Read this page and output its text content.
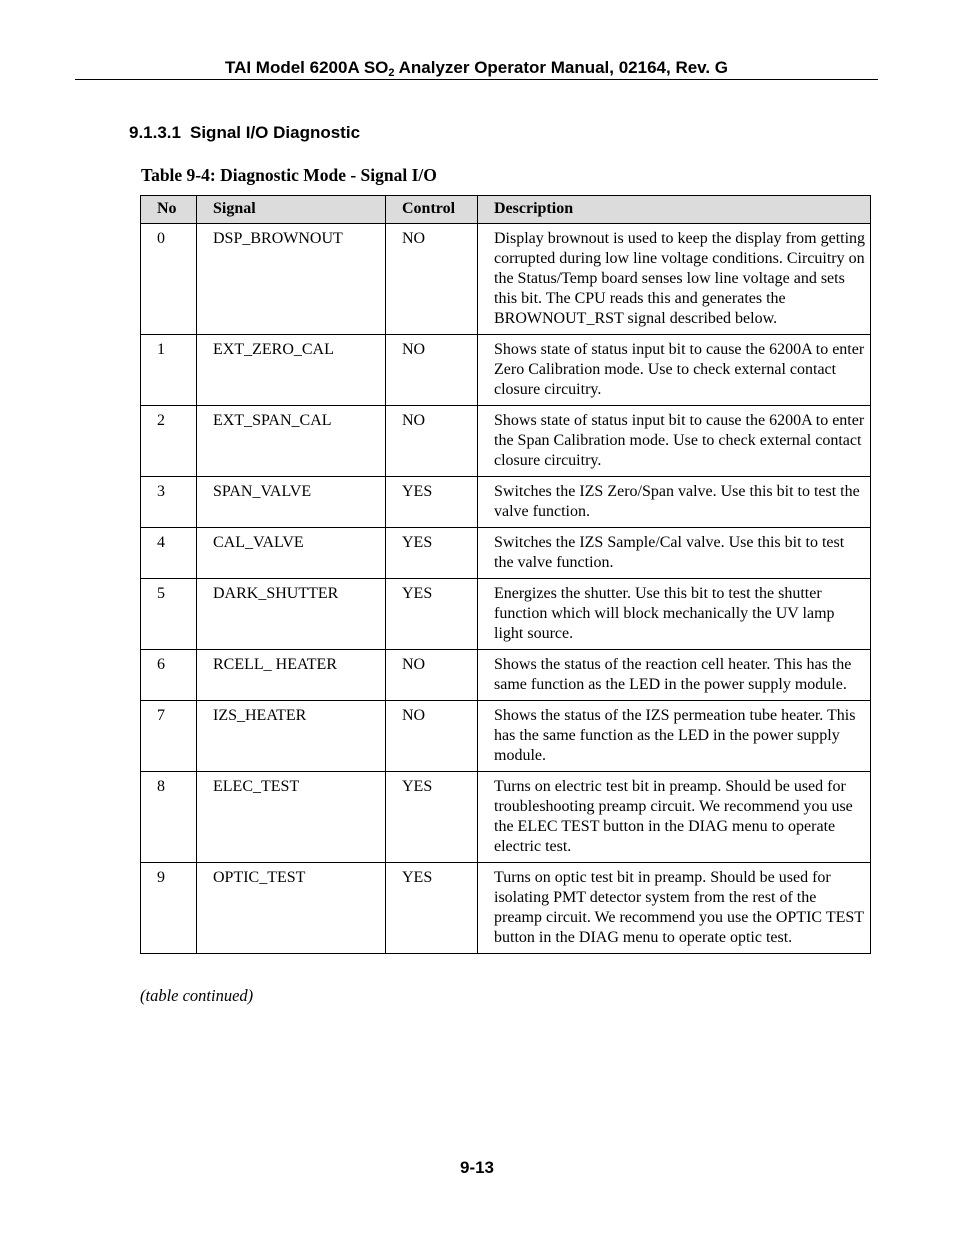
TAI Model 6200A $SO_2$ Analyzer Operator Manual, 02164, Rev. G
9.1.3.1 Signal I/O Diagnostic
Table 9-4: Diagnostic Mode - Signal I/O
No	Signal	Control	Description
0	DSP_BROWNOUT	NO	Display brownout is used to keep the display from getting corrupted during low line voltage conditions. Circuitry on the Status/Temp board senses low line voltage and sets this bit. The CPU reads this and generates the BROWNOUT_RST signal described below.
1	EXT_ZERO_CAL	NO	Shows state of status input bit to cause the 6200A to enter Zero Calibration mode. Use to check external contact closure circuitry.
2	EXT_SPAN_CAL	NO	Shows state of status input bit to cause the 6200A to enter the Span Calibration mode. Use to check external contact closure circuitry.
3	SPAN_VALVE	YES	Switches the IZS Zero/Span valve. Use this bit to test the valve function.
4	CAL_VALVE	YES	Switches the IZS Sample/Cal valve. Use this bit to test the valve function.
5	DARK_SHUTTER	YES	Energizes the shutter. Use this bit to test the shutter function which will block mechanically the UV lamp light source.
6	RCELL_ HEATER	NO	Shows the status of the reaction cell heater. This has the same function as the LED in the power supply module.
7	IZS_HEATER	NO	Shows the status of the IZS permeation tube heater. This has the same function as the LED in the power supply module.
8	ELEC_TEST	YES	Turns on electric test bit in preamp. Should be used for troubleshooting preamp circuit. We recommend you use the ELEC TEST button in the DIAG menu to operate electric test.
9	OPTIC_TEST	YES	Turns on optic test bit in preamp. Should be used for isolating PMT detector system from the rest of the preamp circuit. We recommend you use the OPTIC TEST button in the DIAG menu to operate optic test.
(table continued)
9-13
